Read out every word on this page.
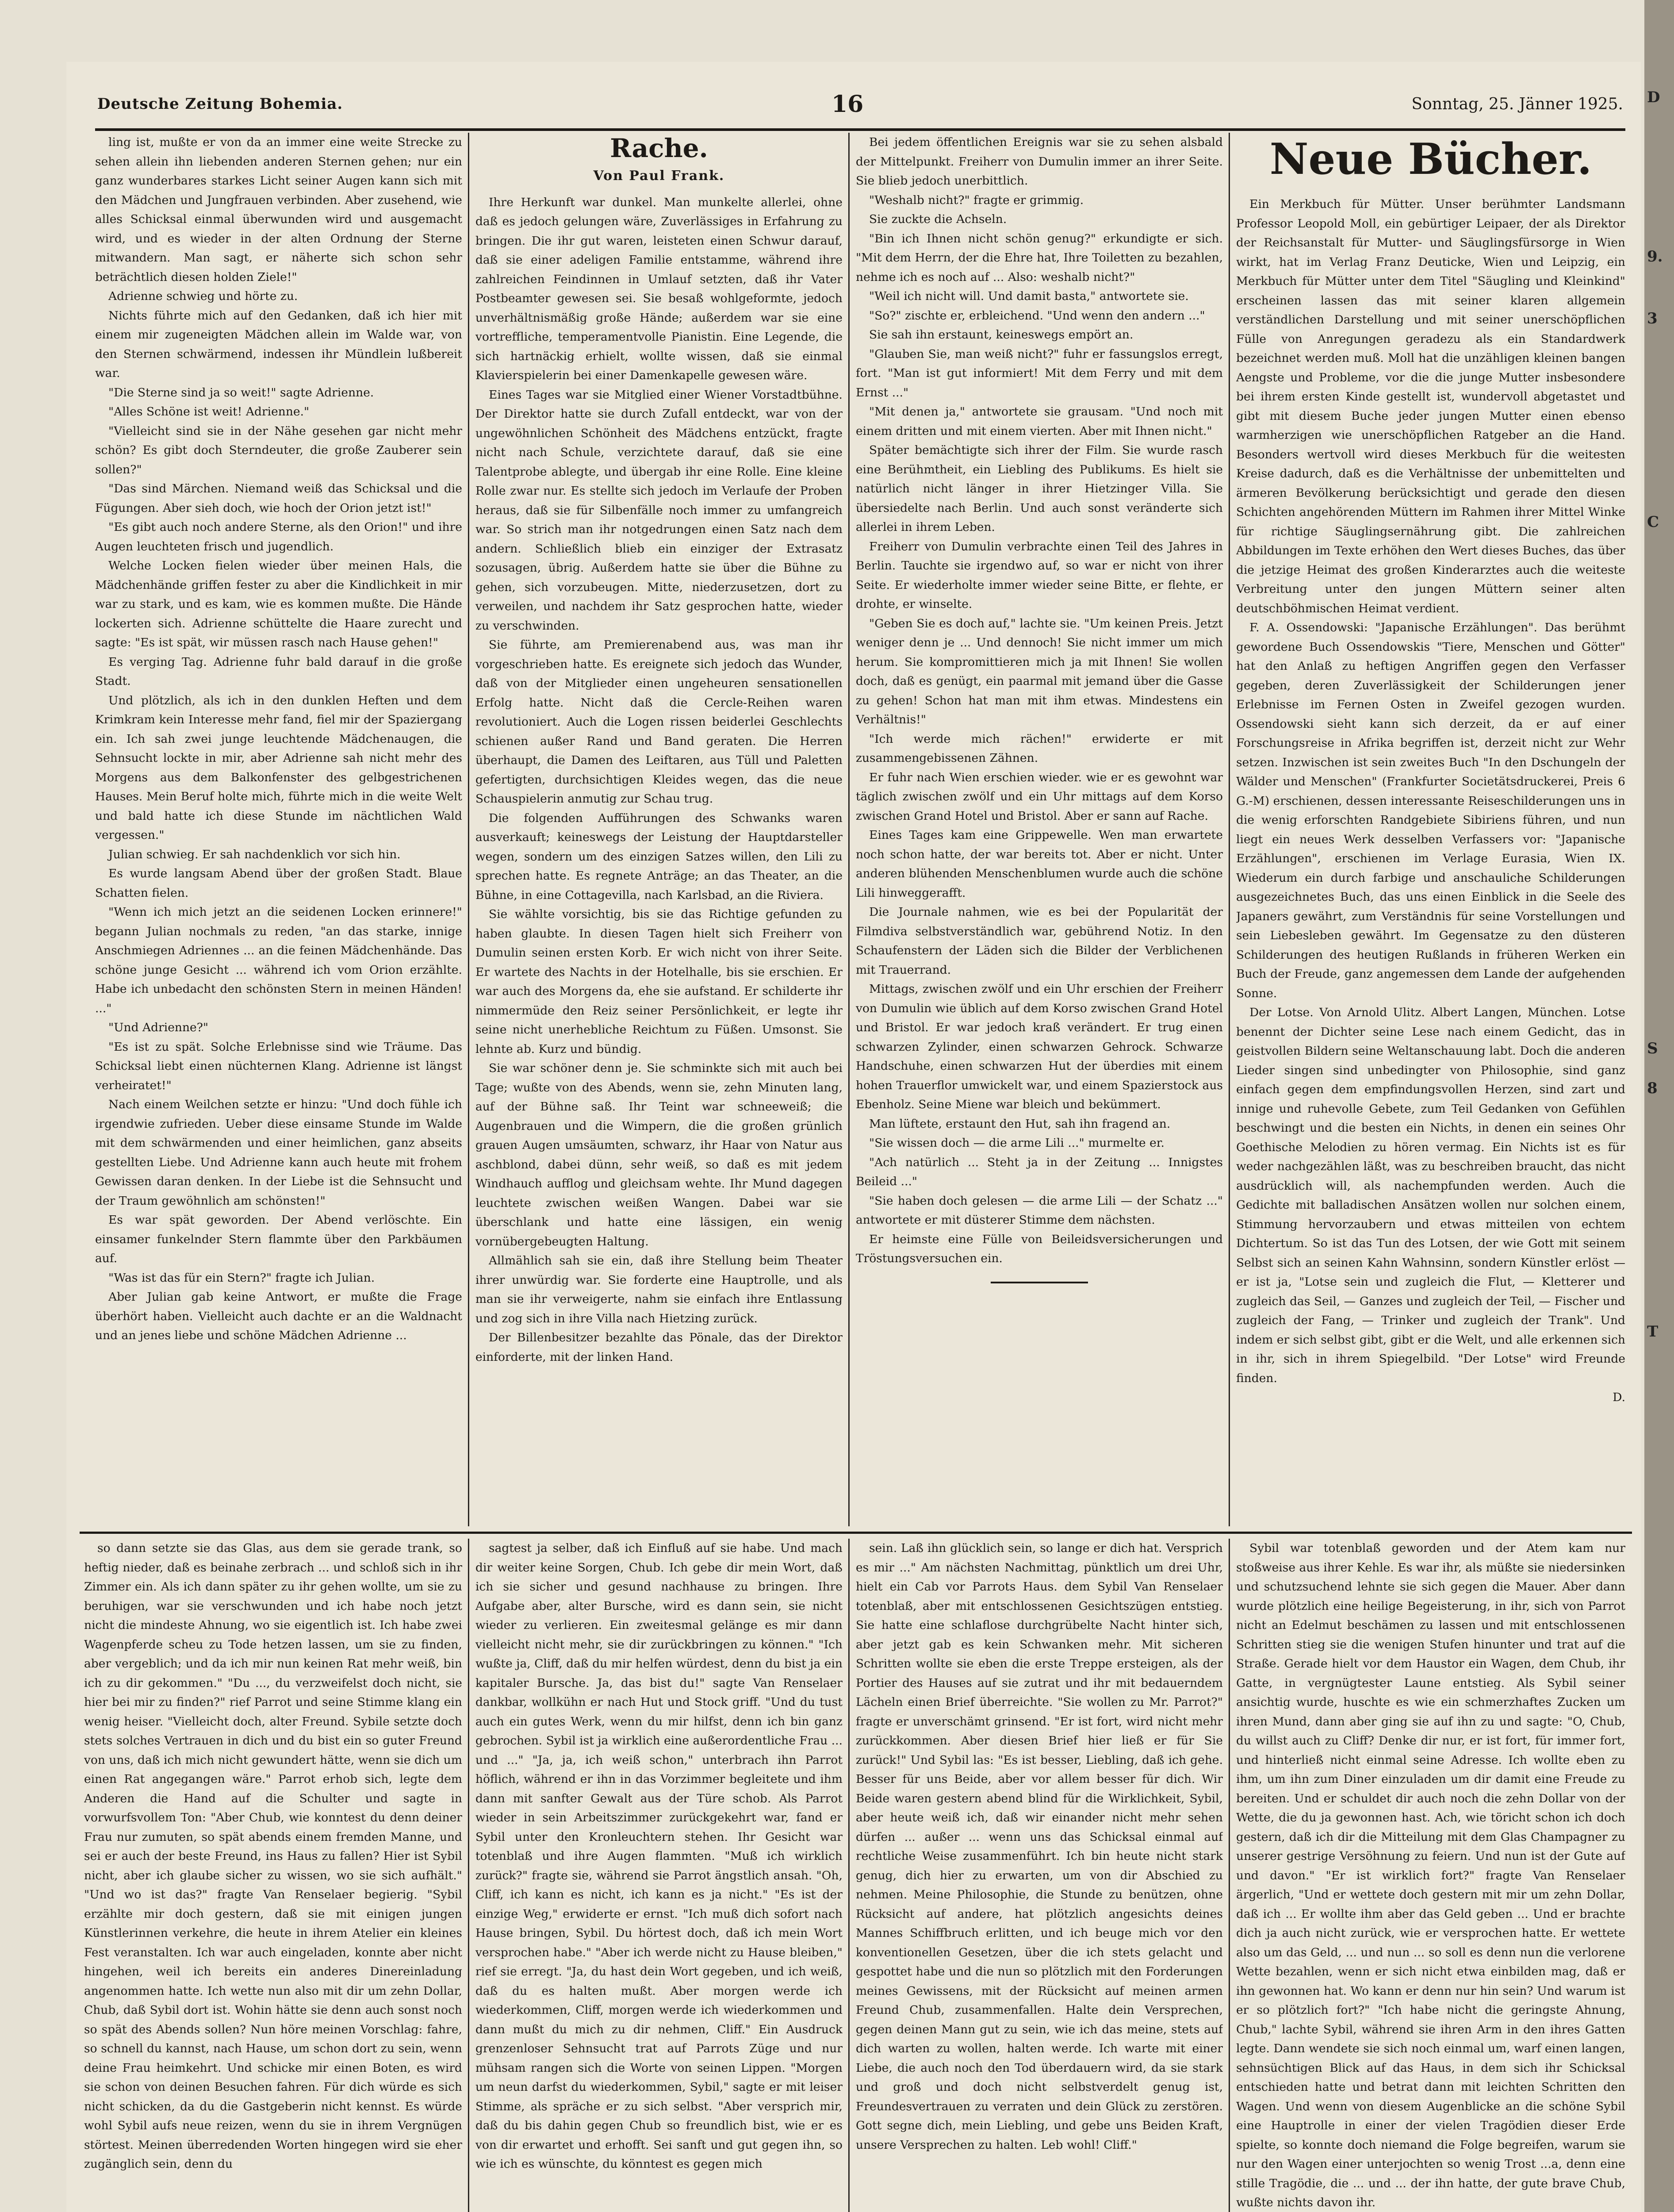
Deutsche Zeitung Bohemia.	16	Sonntag, 25. Jänner 1925.

ling ist, mußte er von da an immer eine weite Strecke zu sehen allein ihn liebenden anderen Sternen gehen; nur ein ganz wunderbares starkes Licht seiner Augen kann sich mit den Mädchen und Jungfrauen verbinden. Aber zusehend, wie alles Schicksal einmal überwunden wird und ausgemacht wird, und es wieder in der alten Ordnung der Sterne mitwandern. Man sagt, er näherte sich schon sehr beträchtlich diesen holden Ziele!"

Adrienne schwieg und hörte zu.

Nichts führte mich auf den Gedanken, daß ich hier mit einem mir zugeneigten Mädchen allein im Walde war, von den Sternen schwärmend, indessen ihr Mündlein lußbereit war.

"Die Sterne sind ja so weit!" sagte Adrienne.

"Alles Schöne ist weit! Adrienne."

"Vielleicht sind sie in der Nähe gesehen gar nicht mehr schön? Es gibt doch Sterndeuter, die große Zauberer sein sollen?"

"Das sind Märchen. Niemand weiß das Schicksal und die Fügungen. Aber sieh doch, wie hoch der Orion jetzt ist!"

"Es gibt auch noch andere Sterne, als den Orion!" und ihre Augen leuchteten frisch und jugendlich.

Welche Locken fielen wieder über meinen Hals, die Mädchenhände griffen fester zu aber die Kindlichkeit in mir war zu stark, und es kam, wie es kommen mußte. Die Hände lockerten sich. Adrienne schüttelte die Haare zurecht und sagte: "Es ist spät, wir müssen rasch nach Hause gehen!"

Es verging Tag. Adrienne fuhr bald darauf in die große Stadt.

Und plötzlich, als ich in den dunklen Heften und dem Krimkram kein Interesse mehr fand, fiel mir der Spaziergang ein. Ich sah zwei junge leuchtende Mädchenaugen, die Sehnsucht lockte in mir, aber Adrienne sah nicht mehr des Morgens aus dem Balkonfenster des gelbgestrichenen Hauses. Mein Beruf holte mich, führte mich in die weite Welt und bald hatte ich diese Stunde im nächtlichen Wald vergessen."

Julian schwieg. Er sah nachdenklich vor sich hin.

Es wurde langsam Abend über der großen Stadt. Blaue Schatten fielen.

"Wenn ich mich jetzt an die seidenen Locken erinnere!" begann Julian nochmals zu reden, "an das starke, innige Anschmiegen Adriennes ... an die feinen Mädchenhände. Das schöne junge Gesicht ... während ich vom Orion erzählte. Habe ich unbedacht den schönsten Stern in meinen Händen! ..."

"Und Adrienne?"

"Es ist zu spät. Solche Erlebnisse sind wie Träume. Das Schicksal liebt einen nüchternen Klang. Adrienne ist längst verheiratet!"

Nach einem Weilchen setzte er hinzu: "Und doch fühle ich irgendwie zufrieden. Ueber diese einsame Stunde im Walde mit dem schwärmenden und einer heimlichen, ganz abseits gestellten Liebe. Und Adrienne kann auch heute mit frohem Gewissen daran denken. In der Liebe ist die Sehnsucht und der Traum gewöhnlich am schönsten!"

Es war spät geworden. Der Abend verlöschte. Ein einsamer funkelnder Stern flammte über den Parkbäumen auf.

"Was ist das für ein Stern?" fragte ich Julian.

Aber Julian gab keine Antwort, er mußte die Frage überhört haben. Vielleicht auch dachte er an die Waldnacht und an jenes liebe und schöne Mädchen Adrienne ...

Rache.
Von Paul Frank.

Ihre Herkunft war dunkel. Man munkelte allerlei, ohne daß es jedoch gelungen wäre, Zuverlässiges in Erfahrung zu bringen. Die ihr gut waren, leisteten einen Schwur darauf, daß sie einer adeligen Familie entstamme, während ihre zahlreichen Feindinnen in Umlauf setzten, daß ihr Vater Postbeamter gewesen sei. Sie besaß wohlgeformte, jedoch unverhältnismäßig große Hände; außerdem war sie eine vortreffliche, temperamentvolle Pianistin. Eine Legende, die sich hartnäckig erhielt, wollte wissen, daß sie einmal Klavierspielerin bei einer Damenkapelle gewesen wäre.

Eines Tages war sie Mitglied einer Wiener Vorstadtbühne. Der Direktor hatte sie durch Zufall entdeckt, war von der ungewöhnlichen Schönheit des Mädchens entzückt, fragte nicht nach Schule, verzichtete darauf, daß sie eine Talentprobe ablegte, und übergab ihr eine Rolle. Eine kleine Rolle zwar nur. Es stellte sich jedoch im Verlaufe der Proben heraus, daß sie für Silbenfälle noch immer zu umfangreich war. So strich man ihr notgedrungen einen Satz nach dem andern. Schließlich blieb ein einziger der Extrasatz sozusagen, übrig. Außerdem hatte sie über die Bühne zu gehen, sich vorzubeugen. Mitte, niederzusetzen, dort zu verweilen, und nachdem ihr Satz gesprochen hatte, wieder zu verschwinden.

Sie führte, am Premierenabend aus, was man ihr vorgeschrieben hatte. Es ereignete sich jedoch das Wunder, daß von der Mitglieder einen ungeheuren sensationellen Erfolg hatte. Nicht daß die Cercle-Reihen waren revolutioniert. Auch die Logen rissen beiderlei Geschlechts schienen außer Rand und Band geraten. Die Herren überhaupt, die Damen des Leiftaren, aus Tüll und Paletten gefertigten, durchsichtigen Kleides wegen, das die neue Schauspielerin anmutig zur Schau trug.

Die folgenden Aufführungen des Schwanks waren ausverkauft; keineswegs der Leistung der Hauptdarsteller wegen, sondern um des einzigen Satzes willen, den Lili zu sprechen hatte. Es regnete Anträge; an das Theater, an die Bühne, in eine Cottagevilla, nach Karlsbad, an die Riviera.

Sie wählte vorsichtig, bis sie das Richtige gefunden zu haben glaubte. In diesen Tagen hielt sich Freiherr von Dumulin seinen ersten Korb. Er wich nicht von ihrer Seite. Er wartete des Nachts in der Hotelhalle, bis sie erschien. Er war auch des Morgens da, ehe sie aufstand. Er schilderte ihr nimmermüde den Reiz seiner Persönlichkeit, er legte ihr seine nicht unerhebliche Reichtum zu Füßen. Umsonst. Sie lehnte ab. Kurz und bündig.

Sie war schöner denn je. Sie schminkte sich mit auch bei Tage; wußte von des Abends, wenn sie, zehn Minuten lang, auf der Bühne saß. Ihr Teint war schneeweiß; die Augenbrauen und die Wimpern, die die großen grünlich grauen Augen umsäumten, schwarz, ihr Haar von Natur aus aschblond, dabei dünn, sehr weiß, so daß es mit jedem Windhauch aufflog und gleichsam wehte. Ihr Mund dagegen leuchtete zwischen weißen Wangen. Dabei war sie überschlank und hatte eine lässigen, ein wenig vornübergebeugten Haltung.

Allmählich sah sie ein, daß ihre Stellung beim Theater ihrer unwürdig war. Sie forderte eine Hauptrolle, und als man sie ihr verweigerte, nahm sie einfach ihre Entlassung und zog sich in ihre Villa nach Hietzing zurück.

Der Billenbesitzer bezahlte das Pönale, das der Direktor einforderte, mit der linken Hand.

Bei jedem öffentlichen Ereignis war sie zu sehen alsbald der Mittelpunkt. Freiherr von Dumulin immer an ihrer Seite. Sie blieb jedoch unerbittlich.

"Weshalb nicht?" fragte er grimmig.

Sie zuckte die Achseln.

"Bin ich Ihnen nicht schön genug?" erkundigte er sich. "Mit dem Herrn, der die Ehre hat, Ihre Toiletten zu bezahlen, nehme ich es noch auf ... Also: weshalb nicht?"

"Weil ich nicht will. Und damit basta," antwortete sie.

"So?" zischte er, erbleichend. "Und wenn den andern ..."

Sie sah ihn erstaunt, keineswegs empört an.

"Glauben Sie, man weiß nicht?" fuhr er fassungslos erregt, fort. "Man ist gut informiert! Mit dem Ferry und mit dem Ernst ..."

"Mit denen ja," antwortete sie grausam. "Und noch mit einem dritten und mit einem vierten. Aber mit Ihnen nicht."

Später bemächtigte sich ihrer der Film. Sie wurde rasch eine Berühmtheit, ein Liebling des Publikums. Es hielt sie natürlich nicht länger in ihrer Hietzinger Villa. Sie übersiedelte nach Berlin. Und auch sonst veränderte sich allerlei in ihrem Leben.

Freiherr von Dumulin verbrachte einen Teil des Jahres in Berlin. Tauchte sie irgendwo auf, so war er nicht von ihrer Seite. Er wiederholte immer wieder seine Bitte, er flehte, er drohte, er winselte.

"Geben Sie es doch auf," lachte sie. "Um keinen Preis. Jetzt weniger denn je ... Und dennoch! Sie nicht immer um mich herum. Sie kompromittieren mich ja mit Ihnen! Sie wollen doch, daß es genügt, ein paarmal mit jemand über die Gasse zu gehen! Schon hat man mit ihm etwas. Mindestens ein Verhältnis!"

"Ich werde mich rächen!" erwiderte er mit zusammengebissenen Zähnen.

Er fuhr nach Wien erschien wieder. wie er es gewohnt war täglich zwischen zwölf und ein Uhr mittags auf dem Korso zwischen Grand Hotel und Bristol. Aber er sann auf Rache.

Eines Tages kam eine Grippewelle. Wen man erwartete noch schon hatte, der war bereits tot. Aber er nicht. Unter anderen blühenden Menschenblumen wurde auch die schöne Lili hinweggerafft.

Die Journale nahmen, wie es bei der Popularität der Filmdiva selbstverständlich war, gebührend Notiz. In den Schaufenstern der Läden sich die Bilder der Verblichenen mit Trauerrand.

Mittags, zwischen zwölf und ein Uhr erschien der Freiherr von Dumulin wie üblich auf dem Korso zwischen Grand Hotel und Bristol. Er war jedoch kraß verändert. Er trug einen schwarzen Zylinder, einen schwarzen Gehrock. Schwarze Handschuhe, einen schwarzen Hut der überdies mit einem hohen Trauerflor umwickelt war, und einem Spazierstock aus Ebenholz. Seine Miene war bleich und bekümmert.

Man lüftete, erstaunt den Hut, sah ihn fragend an.

"Sie wissen doch — die arme Lili ..." murmelte er.

"Ach natürlich ... Steht ja in der Zeitung ... Innigstes Beileid ..."

"Sie haben doch gelesen — die arme Lili — der Schatz ..." antwortete er mit düsterer Stimme dem nächsten.

Er heimste eine Fülle von Beileidsversicherungen und Tröstungsversuchen ein.

Neue Bücher.

Ein Merkbuch für Mütter. Unser berühmter Landsmann Professor Leopold Moll, ein gebürtiger Leipaer, der als Direktor der Reichsanstalt für Mutter- und Säuglingsfürsorge in Wien wirkt, hat im Verlag Franz Deuticke, Wien und Leipzig, ein Merkbuch für Mütter unter dem Titel "Säugling und Kleinkind" erscheinen lassen das mit seiner klaren allgemein verständlichen Darstellung und mit seiner unerschöpflichen Fülle von Anregungen geradezu als ein Standardwerk bezeichnet werden muß. Moll hat die unzähligen kleinen bangen Aengste und Probleme, vor die die junge Mutter insbesondere bei ihrem ersten Kinde gestellt ist, wundervoll abgetastet und gibt mit diesem Buche jeder jungen Mutter einen ebenso warmherzigen wie unerschöpflichen Ratgeber an die Hand. Besonders wertvoll wird dieses Merkbuch für die weitesten Kreise dadurch, daß es die Verhältnisse der unbemittelten und ärmeren Bevölkerung berücksichtigt und gerade den diesen Schichten angehörenden Müttern im Rahmen ihrer Mittel Winke für richtige Säuglingsernährung gibt. Die zahlreichen Abbildungen im Texte erhöhen den Wert dieses Buches, das über die jetzige Heimat des großen Kinderarztes auch die weiteste Verbreitung unter den jungen Müttern seiner alten deutschböhmischen Heimat verdient.

F. A. Ossendowski: "Japanische Erzählungen". Das berühmt gewordene Buch Ossendowskis "Tiere, Menschen und Götter" hat den Anlaß zu heftigen Angriffen gegen den Verfasser gegeben, deren Zuverlässigkeit der Schilderungen jener Erlebnisse im Fernen Osten in Zweifel gezogen wurden. Ossendowski sieht kann sich derzeit, da er auf einer Forschungsreise in Afrika begriffen ist, derzeit nicht zur Wehr setzen. Inzwischen ist sein zweites Buch "In den Dschungeln der Wälder und Menschen" (Frankfurter Societätsdruckerei, Preis 6 G.-M) erschienen, dessen interessante Reiseschilderungen uns in die wenig erforschten Randgebiete Sibiriens führen, und nun liegt ein neues Werk desselben Verfassers vor: "Japanische Erzählungen", erschienen im Verlage Eurasia, Wien IX. Wiederum ein durch farbige und anschauliche Schilderungen ausgezeichnetes Buch, das uns einen Einblick in die Seele des Japaners gewährt, zum Verständnis für seine Vorstellungen und sein Liebesleben gewährt. Im Gegensatze zu den düsteren Schilderungen des heutigen Rußlands in früheren Werken ein Buch der Freude, ganz angemessen dem Lande der aufgehenden Sonne.

Der Lotse. Von Arnold Ulitz. Albert Langen, München. Lotse benennt der Dichter seine Lese nach einem Gedicht, das in geistvollen Bildern seine Weltanschauung labt. Doch die anderen Lieder singen sind unbedingter von Philosophie, sind ganz einfach gegen dem empfindungsvollen Herzen, sind zart und innige und ruhevolle Gebete, zum Teil Gedanken von Gefühlen beschwingt und die besten ein Nichts, in denen ein seines Ohr Goethische Melodien zu hören vermag. Ein Nichts ist es für weder nachgezählen läßt, was zu beschreiben braucht, das nicht ausdrücklich will, als nachempfunden werden. Auch die Gedichte mit balladischen Ansätzen wollen nur solchen einem, Stimmung hervorzaubern und etwas mitteilen von echtem Dichtertum. So ist das Tun des Lotsen, der wie Gott mit seinem Selbst sich an seinen Kahn Wahnsinn, sondern Künstler erlöst — er ist ja, "Lotse sein und zugleich die Flut, — Kletterer und zugleich das Seil, — Ganzes und zugleich der Teil, — Fischer und zugleich der Fang, — Trinker und zugleich der Trank". Und indem er sich selbst gibt, gibt er die Welt, und alle erkennen sich in ihr, sich in ihrem Spiegelbild. "Der Lotse" wird Freunde finden.

D.

so dann setzte sie das Glas, aus dem sie gerade trank, so heftig nieder, daß es beinahe zerbrach ... und schloß sich in ihr Zimmer ein. Als ich dann später zu ihr gehen wollte, um sie zu beruhigen, war sie verschwunden und ich habe noch jetzt nicht die mindeste Ahnung, wo sie eigentlich ist. Ich habe zwei Wagenpferde scheu zu Tode hetzen lassen, um sie zu finden, aber vergeblich; und da ich mir nun keinen Rat mehr weiß, bin ich zu dir gekommen." "Du ..., du verzweifelst doch nicht, sie hier bei mir zu finden?" rief Parrot und seine Stimme klang ein wenig heiser. "Vielleicht doch, alter Freund. Sybile setzte doch stets solches Vertrauen in dich und du bist ein so guter Freund von uns, daß ich mich nicht gewundert hätte, wenn sie dich um einen Rat angegangen wäre." Parrot erhob sich, legte dem Anderen die Hand auf die Schulter und sagte in vorwurfsvollem Ton: "Aber Chub, wie konntest du denn deiner Frau nur zumuten, so spät abends einem fremden Manne, und sei er auch der beste Freund, ins Haus zu fallen? Hier ist Sybil nicht, aber ich glaube sicher zu wissen, wo sie sich aufhält." "Und wo ist das?" fragte Van Renselaer begierig. "Sybil erzählte mir doch gestern, daß sie mit einigen jungen Künstlerinnen verkehre, die heute in ihrem Atelier ein kleines Fest veranstalten. Ich war auch eingeladen, konnte aber nicht hingehen, weil ich bereits ein anderes Dinereinladung angenommen hatte. Ich wette nun also mit dir um zehn Dollar, Chub, daß Sybil dort ist. Wohin hätte sie denn auch sonst noch so spät des Abends sollen? Nun höre meinen Vorschlag: fahre, so schnell du kannst, nach Hause, um schon dort zu sein, wenn deine Frau heimkehrt. Und schicke mir einen Boten, es wird sie schon von deinen Besuchen fahren. Für dich würde es sich nicht schicken, da du die Gastgeberin nicht kennst. Es würde wohl Sybil aufs neue reizen, wenn du sie in ihrem Vergnügen störtest. Meinen überredenden Worten hingegen wird sie eher zugänglich sein, denn du

sagtest ja selber, daß ich Einfluß auf sie habe. Und mach dir weiter keine Sorgen, Chub. Ich gebe dir mein Wort, daß ich sie sicher und gesund nachhause zu bringen. Ihre Aufgabe aber, alter Bursche, wird es dann sein, sie nicht wieder zu verlieren. Ein zweitesmal gelänge es mir dann vielleicht nicht mehr, sie dir zurückbringen zu können." "Ich wußte ja, Cliff, daß du mir helfen würdest, denn du bist ja ein kapitaler Bursche. Ja, das bist du!" sagte Van Renselaer dankbar, wollkühn er nach Hut und Stock griff. "Und du tust auch ein gutes Werk, wenn du mir hilfst, denn ich bin ganz gebrochen. Sybil ist ja wirklich eine außerordentliche Frau ... und ..." "Ja, ja, ich weiß schon," unterbrach ihn Parrot höflich, während er ihn in das Vorzimmer begleitete und ihm dann mit sanfter Gewalt aus der Türe schob. Als Parrot wieder in sein Arbeitszimmer zurückgekehrt war, fand er Sybil unter den Kronleuchtern stehen. Ihr Gesicht war totenblaß und ihre Augen flammten. "Muß ich wirklich zurück?" fragte sie, während sie Parrot ängstlich ansah. "Oh, Cliff, ich kann es nicht, ich kann es ja nicht." "Es ist der einzige Weg," erwiderte er ernst. "Ich muß dich sofort nach Hause bringen, Sybil. Du hörtest doch, daß ich mein Wort versprochen habe." "Aber ich werde nicht zu Hause bleiben," rief sie erregt. "Ja, du hast dein Wort gegeben, und ich weiß, daß du es halten mußt. Aber morgen werde ich wiederkommen, Cliff, morgen werde ich wiederkommen und dann mußt du mich zu dir nehmen, Cliff." Ein Ausdruck grenzenloser Sehnsucht trat auf Parrots Züge und nur mühsam rangen sich die Worte von seinen Lippen. "Morgen um neun darfst du wiederkommen, Sybil," sagte er mit leiser Stimme, als spräche er zu sich selbst. "Aber versprich mir, daß du bis dahin gegen Chub so freundlich bist, wie er es von dir erwartet und erhofft. Sei sanft und gut gegen ihn, so wie ich es wünschte, du könntest es gegen mich

sein. Laß ihn glücklich sein, so lange er dich hat. Versprich es mir ..." Am nächsten Nachmittag, pünktlich um drei Uhr, hielt ein Cab vor Parrots Haus. dem Sybil Van Renselaer totenblaß, aber mit entschlossenen Gesichtszügen entstieg. Sie hatte eine schlaflose durchgrübelte Nacht hinter sich, aber jetzt gab es kein Schwanken mehr. Mit sicheren Schritten wollte sie eben die erste Treppe ersteigen, als der Portier des Hauses auf sie zutrat und ihr mit bedauerndem Lächeln einen Brief überreichte. "Sie wollen zu Mr. Parrot?" fragte er unverschämt grinsend. "Er ist fort, wird nicht mehr zurückkommen. Aber diesen Brief hier ließ er für Sie zurück!" Und Sybil las: "Es ist besser, Liebling, daß ich gehe. Besser für uns Beide, aber vor allem besser für dich. Wir Beide waren gestern abend blind für die Wirklichkeit, Sybil, aber heute weiß ich, daß wir einander nicht mehr sehen dürfen ... außer ... wenn uns das Schicksal einmal auf rechtliche Weise zusammenführt. Ich bin heute nicht stark genug, dich hier zu erwarten, um von dir Abschied zu nehmen. Meine Philosophie, die Stunde zu benützen, ohne Rücksicht auf andere, hat plötzlich angesichts deines Mannes Schiffbruch erlitten, und ich beuge mich vor den konventionellen Gesetzen, über die ich stets gelacht und gespottet habe und die nun so plötzlich mit den Forderungen meines Gewissens, mit der Rücksicht auf meinen armen Freund Chub, zusammenfallen. Halte dein Versprechen, gegen deinen Mann gut zu sein, wie ich das meine, stets auf dich warten zu wollen, halten werde. Ich warte mit einer Liebe, die auch noch den Tod überdauern wird, da sie stark und groß und doch nicht selbstverdelt genug ist, Freundesvertrauen zu verraten und dein Glück zu zerstören. Gott segne dich, mein Liebling, und gebe uns Beiden Kraft, unsere Versprechen zu halten. Leb wohl! Cliff."

Sybil war totenblaß geworden und der Atem kam nur stoßweise aus ihrer Kehle. Es war ihr, als müßte sie niedersinken und schutzsuchend lehnte sie sich gegen die Mauer. Aber dann wurde plötzlich eine heilige Begeisterung, in ihr, sich von Parrot nicht an Edelmut beschämen zu lassen und mit entschlossenen Schritten stieg sie die wenigen Stufen hinunter und trat auf die Straße. Gerade hielt vor dem Haustor ein Wagen, dem Chub, ihr Gatte, in vergnügtester Laune entstieg. Als Sybil seiner ansichtig wurde, huschte es wie ein schmerzhaftes Zucken um ihren Mund, dann aber ging sie auf ihn zu und sagte: "O, Chub, du willst auch zu Cliff? Denke dir nur, er ist fort, für immer fort, und hinterließ nicht einmal seine Adresse. Ich wollte eben zu ihm, um ihn zum Diner einzuladen um dir damit eine Freude zu bereiten. Und er schuldet dir auch noch die zehn Dollar von der Wette, die du ja gewonnen hast. Ach, wie töricht schon ich doch gestern, daß ich dir die Mitteilung mit dem Glas Champagner zu unserer gestrige Versöhnung zu feiern. Und nun ist der Gute auf und davon." "Er ist wirklich fort?" fragte Van Renselaer ärgerlich, "Und er wettete doch gestern mit mir um zehn Dollar, daß ich ... Er wollte ihm aber das Geld geben ... Und er brachte dich ja auch nicht zurück, wie er versprochen hatte. Er wettete also um das Geld, ... und nun ... so soll es denn nun die verlorene Wette bezahlen, wenn er sich nicht etwa einbilden mag, daß er ihn gewonnen hat. Wo kann er denn nur hin sein? Und warum ist er so plötzlich fort?" "Ich habe nicht die geringste Ahnung, Chub," lachte Sybil, während sie ihren Arm in den ihres Gatten legte. Dann wendete sie sich noch einmal um, warf einen langen, sehnsüchtigen Blick auf das Haus, in dem sich ihr Schicksal entschieden hatte und betrat dann mit leichten Schritten den Wagen. Und wenn von diesem Augenblicke an die schöne Sybil eine Hauptrolle in einer der vielen Tragödien dieser Erde spielte, so konnte doch niemand die Folge begreifen, warum sie nur den Wagen einer unterjochten so wenig Trost ...a, denn eine stille Tragödie, die ... und ... der ihn hatte, der gute brave Chub, wußte nichts davon ihr.

D
9.
3
C
S
8
T
